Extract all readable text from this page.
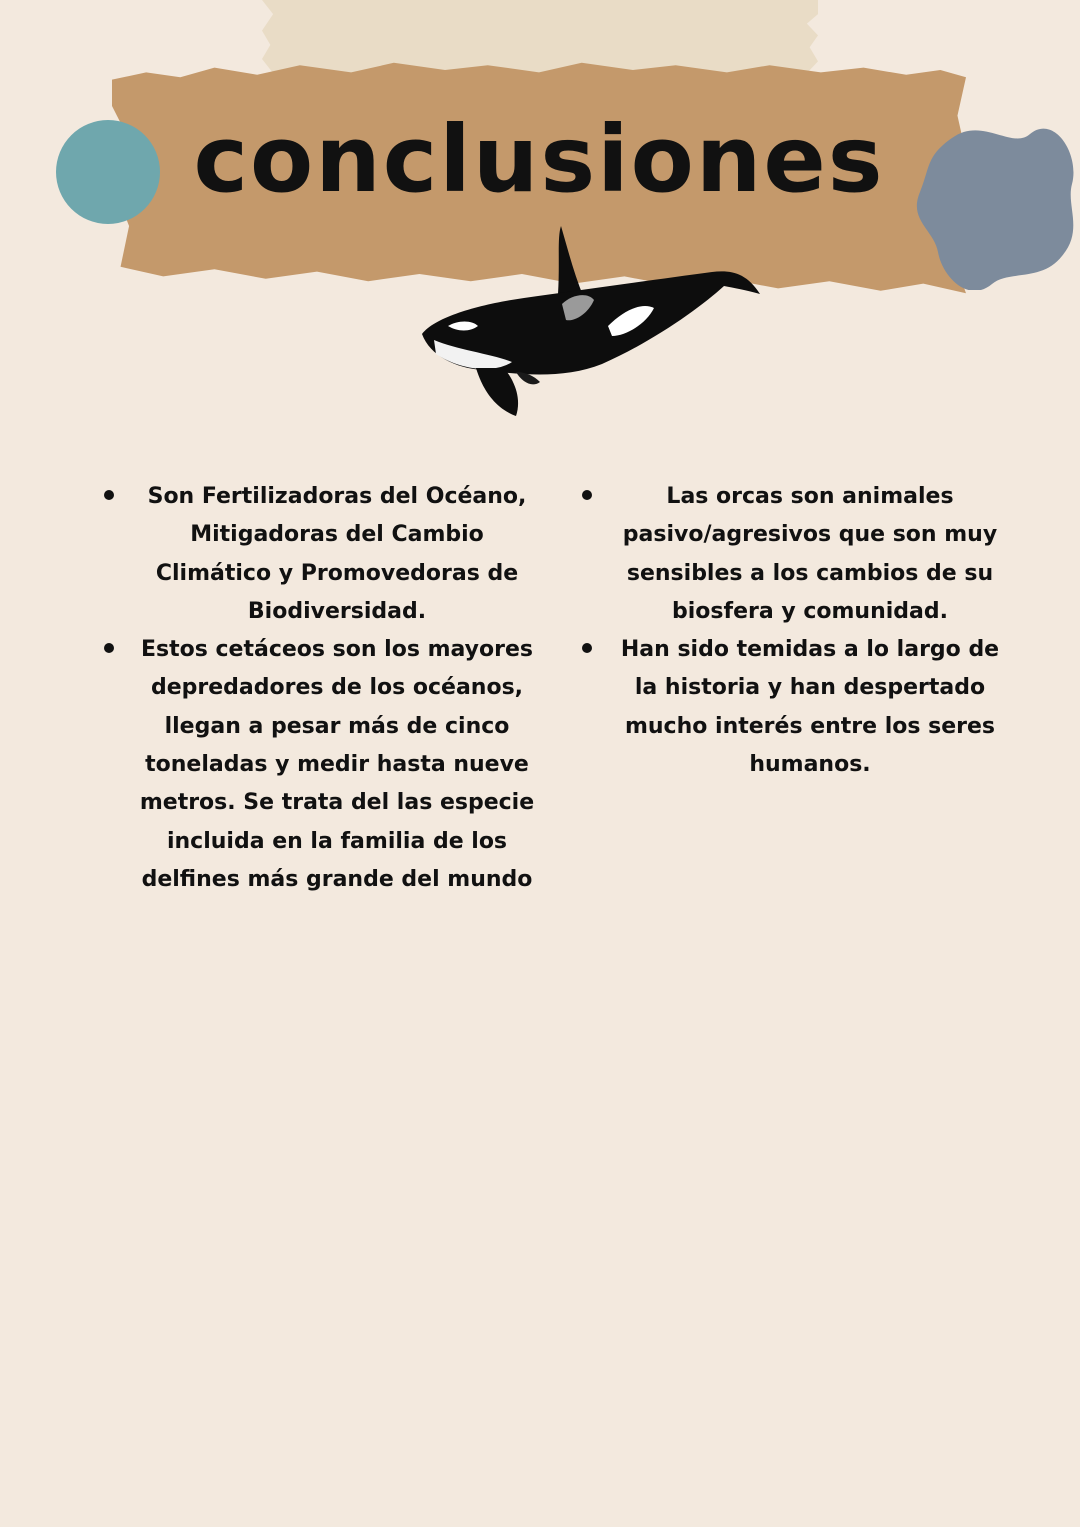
conclusiones
Son Fertilizadoras del Océano, Mitigadoras del Cambio Climático y Promovedoras de Biodiversidad.
Estos cetáceos son los mayores depredadores de los océanos, llegan a pesar más de cinco toneladas y medir hasta nueve metros. Se trata del las especie incluida en la familia de los delfines más grande del mundo
Las orcas son animales pasivo/agresivos que son muy sensibles a los cambios de su biosfera y comunidad.
Han sido temidas a lo largo de la historia y han despertado mucho interés entre los seres humanos.
